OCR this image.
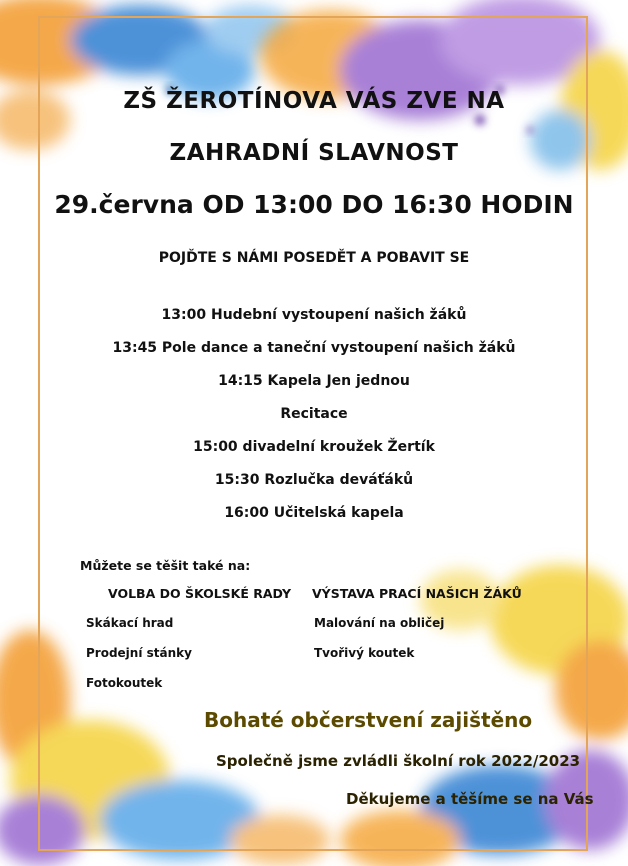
ZŠ ŽEROTÍNOVA VÁS ZVE NA
ZAHRADNÍ SLAVNOST
29.června OD 13:00 DO 16:30 HODIN
POJĎTE S NÁMI POSEDĚT A POBAVIT SE
13:00 Hudební vystoupení našich žáků
13:45 Pole dance a taneční vystoupení našich žáků
14:15 Kapela Jen jednou
Recitace
15:00 divadelní kroužek Žertík
15:30 Rozlučka deváťáků
16:00 Učitelská kapela
Můžete se těšit také na:
VOLBA DO ŠKOLSKÉ RADY
Skákací hrad
Prodejní stánky
Fotokoutek
VÝSTAVA PRACÍ NAŠICH ŽÁKŮ
Malování na obličej
Tvořivý koutek
Bohaté občerstvení zajištěno
Společně jsme zvládli školní rok 2022/2023
Děkujeme a těšíme se na Vás
